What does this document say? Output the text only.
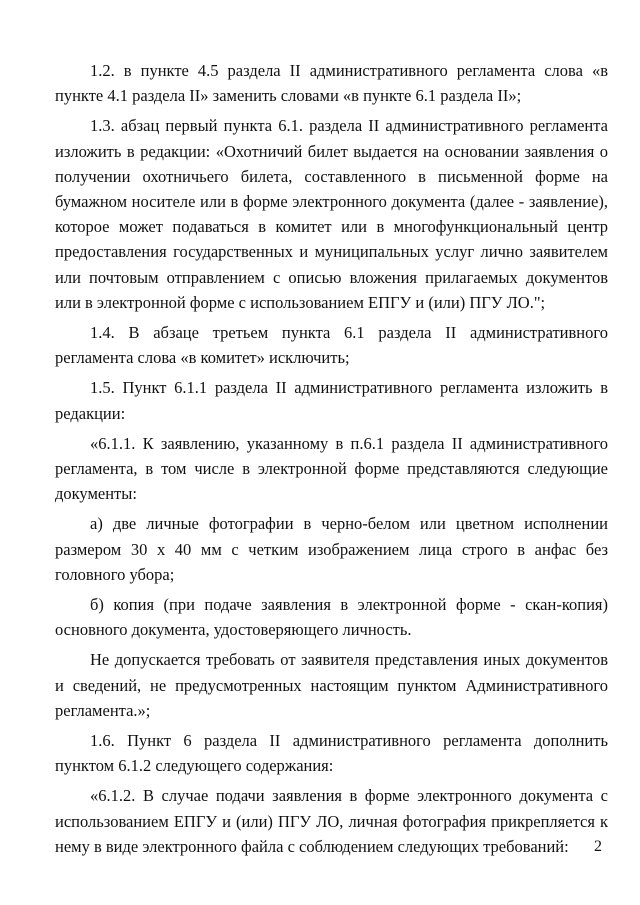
1.2. в пункте 4.5 раздела II административного регламента слова «в пункте 4.1 раздела II» заменить словами «в пункте 6.1 раздела II»;

1.3. абзац первый пункта 6.1. раздела II административного регламента изложить в редакции: «Охотничий билет выдается на основании заявления о получении охотничьего билета, составленного в письменной форме на бумажном носителе или в форме электронного документа (далее - заявление), которое может подаваться в комитет или в многофункциональный центр предоставления государственных и муниципальных услуг лично заявителем или почтовым отправлением с описью вложения прилагаемых документов или в электронной форме с использованием ЕПГУ и (или) ПГУ ЛО.";

1.4. В абзаце третьем пункта 6.1 раздела II административного регламента слова «в комитет» исключить;

1.5. Пункт 6.1.1 раздела II административного регламента изложить в редакции:

«6.1.1. К заявлению, указанному в п.6.1 раздела II административного регламента, в том числе в электронной форме представляются следующие документы:

а) две личные фотографии в черно-белом или цветном исполнении размером 30 x 40 мм с четким изображением лица строго в анфас без головного убора;

б) копия (при подаче заявления в электронной форме - скан-копия) основного документа, удостоверяющего личность.

Не допускается требовать от заявителя представления иных документов и сведений, не предусмотренных настоящим пунктом Административного регламента.»;

1.6. Пункт 6 раздела II административного регламента дополнить пунктом 6.1.2 следующего содержания:

«6.1.2. В случае подачи заявления в форме электронного документа с использованием ЕПГУ и (или) ПГУ ЛО, личная фотография прикрепляется к нему в виде электронного файла с соблюдением следующих требований:	2
